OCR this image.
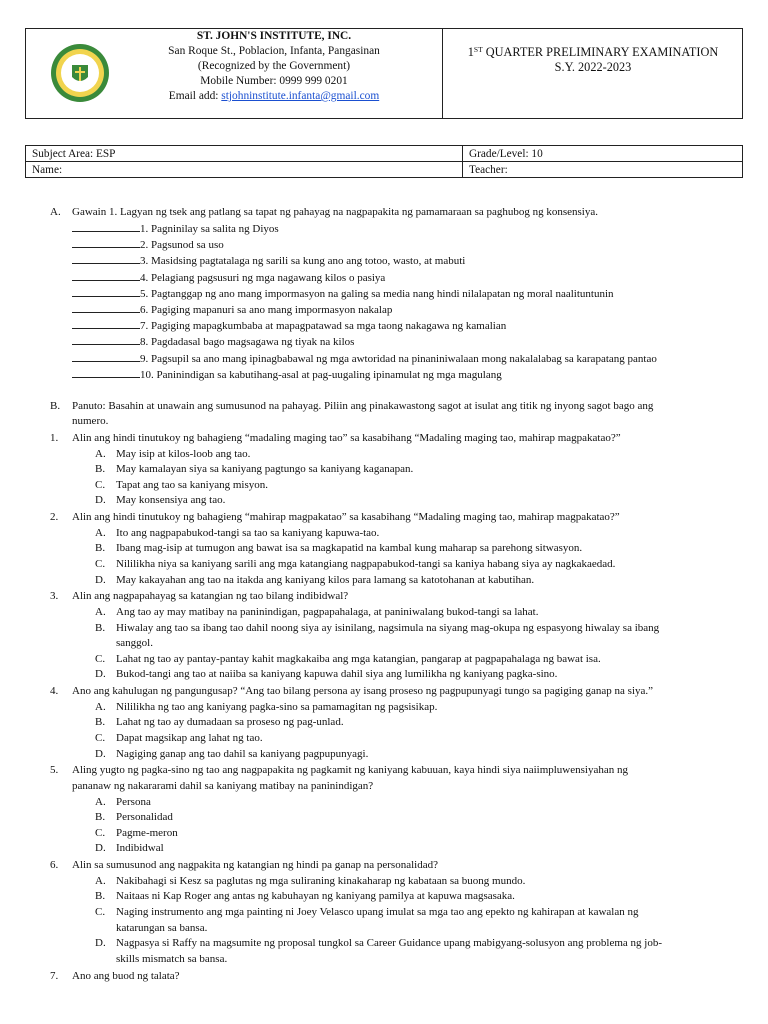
ST. JOHN'S INSTITUTE, INC.
San Roque St., Poblacion, Infanta, Pangasinan
(Recognized by the Government)
Mobile Number: 0999 999 0201
Email add: stjohninstitute.infanta@gmail.com
1ST QUARTER PRELIMINARY EXAMINATION
S.Y. 2022-2023
Subject Area: ESP	Grade/Level: 10
Name:	Teacher:
A. Gawain 1. Lagyan ng tsek ang patlang sa tapat ng pahayag na nagpapakita ng pamamaraan sa paghubog ng konsensiya.
1. Pagninilay sa salita ng Diyos
2. Pagsunod sa uso
3. Masidsing pagtatalaga ng sarili sa kung ano ang totoo, wasto, at mabuti
4. Pelagiang pagsusuri ng mga nagawang kilos o pasiya
5. Pagtanggap ng ano mang impormasyon na galing sa media nang hindi nilalapatan ng moral naalituntunin
6. Pagiging mapanuri sa ano mang impormasyon nakalap
7. Pagiging mapagkumbaba at mapagpatawad sa mga taong nakagawa ng kamalian
8. Pagdadasal bago magsagawa ng tiyak na kilos
9. Pagsupil sa ano mang ipinagbabawal ng mga awtoridad na pinaniniwalaan mong nakalalabag sa karapatang pantao
10. Paninindigan sa kabutihang-asal at pag-uugaling ipinamulat ng mga magulang
B. Panuto: Basahin at unawain ang sumusunod na pahayag. Piliin ang pinakawastong sagot at isulat ang titik ng inyong sagot bago ang
numero.
1. Alin ang hindi tinutukoy ng bahagieng “madaling maging tao” sa kasabihang “Madaling maging tao, mahirap magpakatao?”
A. May isip at kilos-loob ang tao.
B. May kamalayan siya sa kaniyang pagtungo sa kaniyang kaganapan.
C. Tapat ang tao sa kaniyang misyon.
D. May konsensiya ang tao.
2. Alin ang hindi tinutukoy ng bahagieng “mahirap magpakatao” sa kasabihang “Madaling maging tao, mahirap magpakatao?”
A. Ito ang nagpapabukod-tangi sa tao sa kaniyang kapuwa-tao.
B. Ibang mag-isip at tumugon ang bawat isa sa magkapatid na kambal kung maharap sa parehong sitwasyon.
C. Nililikha niya sa kaniyang sarili ang mga katangiang nagpapabukod-tangi sa kaniya habang siya ay nagkakaedad.
D. May kakayahan ang tao na itakda ang kaniyang kilos para lamang sa katotohanan at kabutihan.
3. Alin ang nagpapahayag sa katangian ng tao bilang indibidwal?
A. Ang tao ay may matibay na paninindigan, pagpapahalaga, at paniniwalang bukod-tangi sa lahat.
B. Hiwalay ang tao sa ibang tao dahil noong siya ay isinilang, nagsimula na siyang mag-okupa ng espasyong hiwalay sa ibang
sanggol.
C. Lahat ng tao ay pantay-pantay kahit magkakaiba ang mga katangian, pangarap at pagpapahalaga ng bawat isa.
D. Bukod-tangi ang tao at naiiba sa kaniyang kapuwa dahil siya ang lumilikha ng kaniyang pagka-sino.
4. Ano ang kahulugan ng pangungusap? “Ang tao bilang persona ay isang proseso ng pagpupunyagi tungo sa pagiging ganap na siya.”
A. Nililikha ng tao ang kaniyang pagka-sino sa pamamagitan ng pagsisikap.
B. Lahat ng tao ay dumadaan sa proseso ng pag-unlad.
C. Dapat magsikap ang lahat ng tao.
D. Nagiging ganap ang tao dahil sa kaniyang pagpupunyagi.
5. Aling yugto ng pagka-sino ng tao ang nagpapakita ng pagkamit ng kaniyang kabuuan, kaya hindi siya naiimpluwensiyahan ng
pananaw ng nakararami dahil sa kaniyang matibay na paninindigan?
A. Persona
B. Personalidad
C. Pagme-meron
D. Indibidwal
6. Alin sa sumusunod ang nagpakita ng katangian ng hindi pa ganap na personalidad?
A. Nakibahagi si Kesz sa paglutas ng mga suliraning kinakaharap ng kabataan sa buong mundo.
B. Naitaas ni Kap Roger ang antas ng kabuhayan ng kaniyang pamilya at kapuwa magsasaka.
C. Naging instrumento ang mga painting ni Joey Velasco upang imulat sa mga tao ang epekto ng kahirapan at kawalan ng
katarungan sa bansa.
D. Nagpasya si Raffy na magsumite ng proposal tungkol sa Career Guidance upang mabigyang-solusyon ang problema ng job-
skills mismatch sa bansa.
7. Ano ang buod ng talata?
